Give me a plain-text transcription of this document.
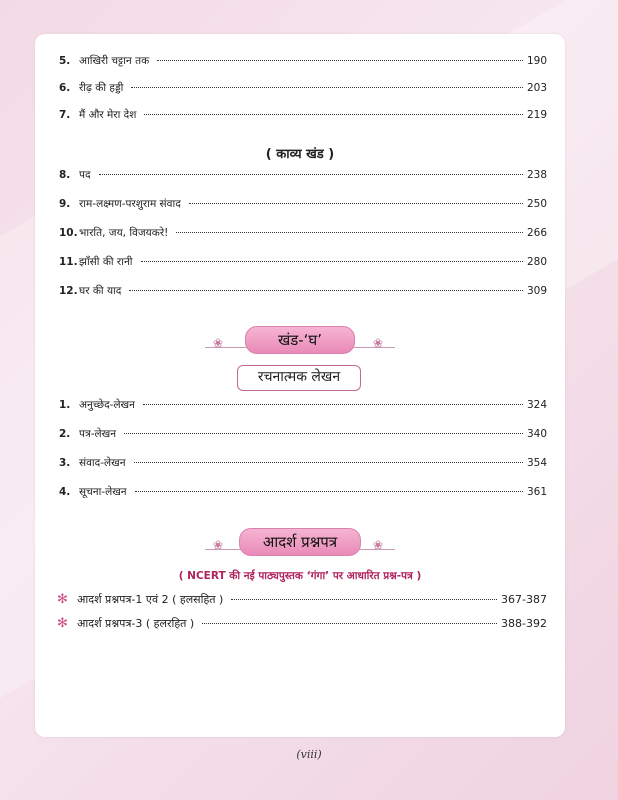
5. आखिरी चट्टान तक	190
6. रीढ़ की हड्डी	203
7. मैं और मेरा देश	219
( काव्य खंड )
8. पद	238
9. राम-लक्ष्मण-परशुराम संवाद	250
10. भारति, जय, विजयकरे!	266
11. झाँसी की रानी	280
12. घर की याद	309
❀	❀
खंड-‘घ’
रचनात्मक लेखन
1. अनुच्छेद-लेखन	324
2. पत्र-लेखन	340
3. संवाद-लेखन	354
4. सूचना-लेखन	361
❀	❀
आदर्श प्रश्नपत्र
( NCERT की नई पाठ्यपुस्तक ‘गंगा’ पर आधारित प्रश्न-पत्र )
✻ आदर्श प्रश्नपत्र-1 एवं 2 ( हलसहित )	367-387
✻ आदर्श प्रश्नपत्र-3 ( हलरहित )	388-392
(viii)
